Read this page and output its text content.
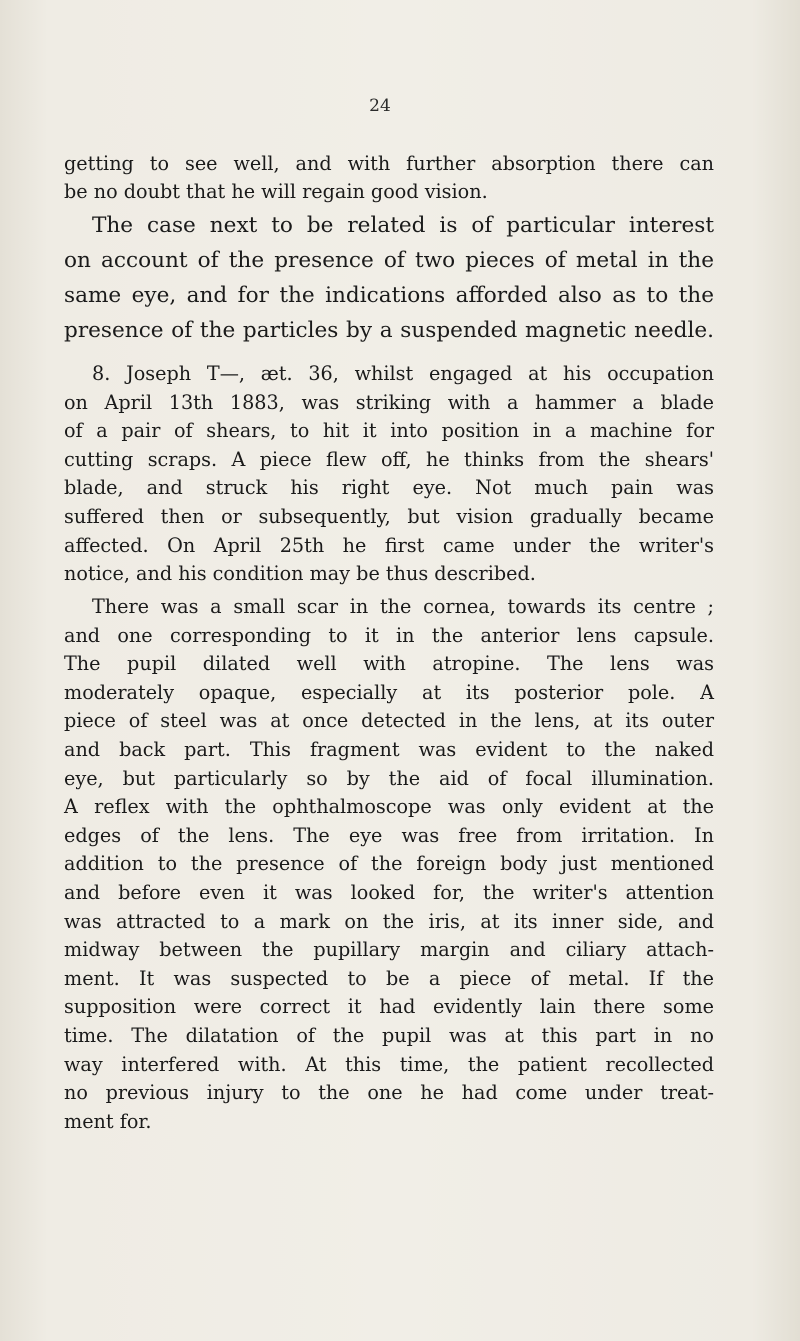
24
getting to see well, and with further absorption there can
be no doubt that he will regain good vision.
The case next to be related is of particular interest
on account of the presence of two pieces of metal in the
same eye, and for the indications afforded also as to the
presence of the particles by a suspended magnetic needle.
8. Joseph T—, æt. 36, whilst engaged at his occupation
on April 13th 1883, was striking with a hammer a blade
of a pair of shears, to hit it into position in a machine for
cutting scraps. A piece flew off, he thinks from the shears'
blade, and struck his right eye. Not much pain was
suffered then or subsequently, but vision gradually became
affected. On April 25th he first came under the writer's
notice, and his condition may be thus described.
There was a small scar in the cornea, towards its centre ;
and one corresponding to it in the anterior lens capsule.
The pupil dilated well with atropine. The lens was
moderately opaque, especially at its posterior pole. A
piece of steel was at once detected in the lens, at its outer
and back part. This fragment was evident to the naked
eye, but particularly so by the aid of focal illumination.
A reflex with the ophthalmoscope was only evident at the
edges of the lens. The eye was free from irritation. In
addition to the presence of the foreign body just mentioned
and before even it was looked for, the writer's attention
was attracted to a mark on the iris, at its inner side, and
midway between the pupillary margin and ciliary attach-
ment. It was suspected to be a piece of metal. If the
supposition were correct it had evidently lain there some
time. The dilatation of the pupil was at this part in no
way interfered with. At this time, the patient recollected
no previous injury to the one he had come under treat-
ment for.
